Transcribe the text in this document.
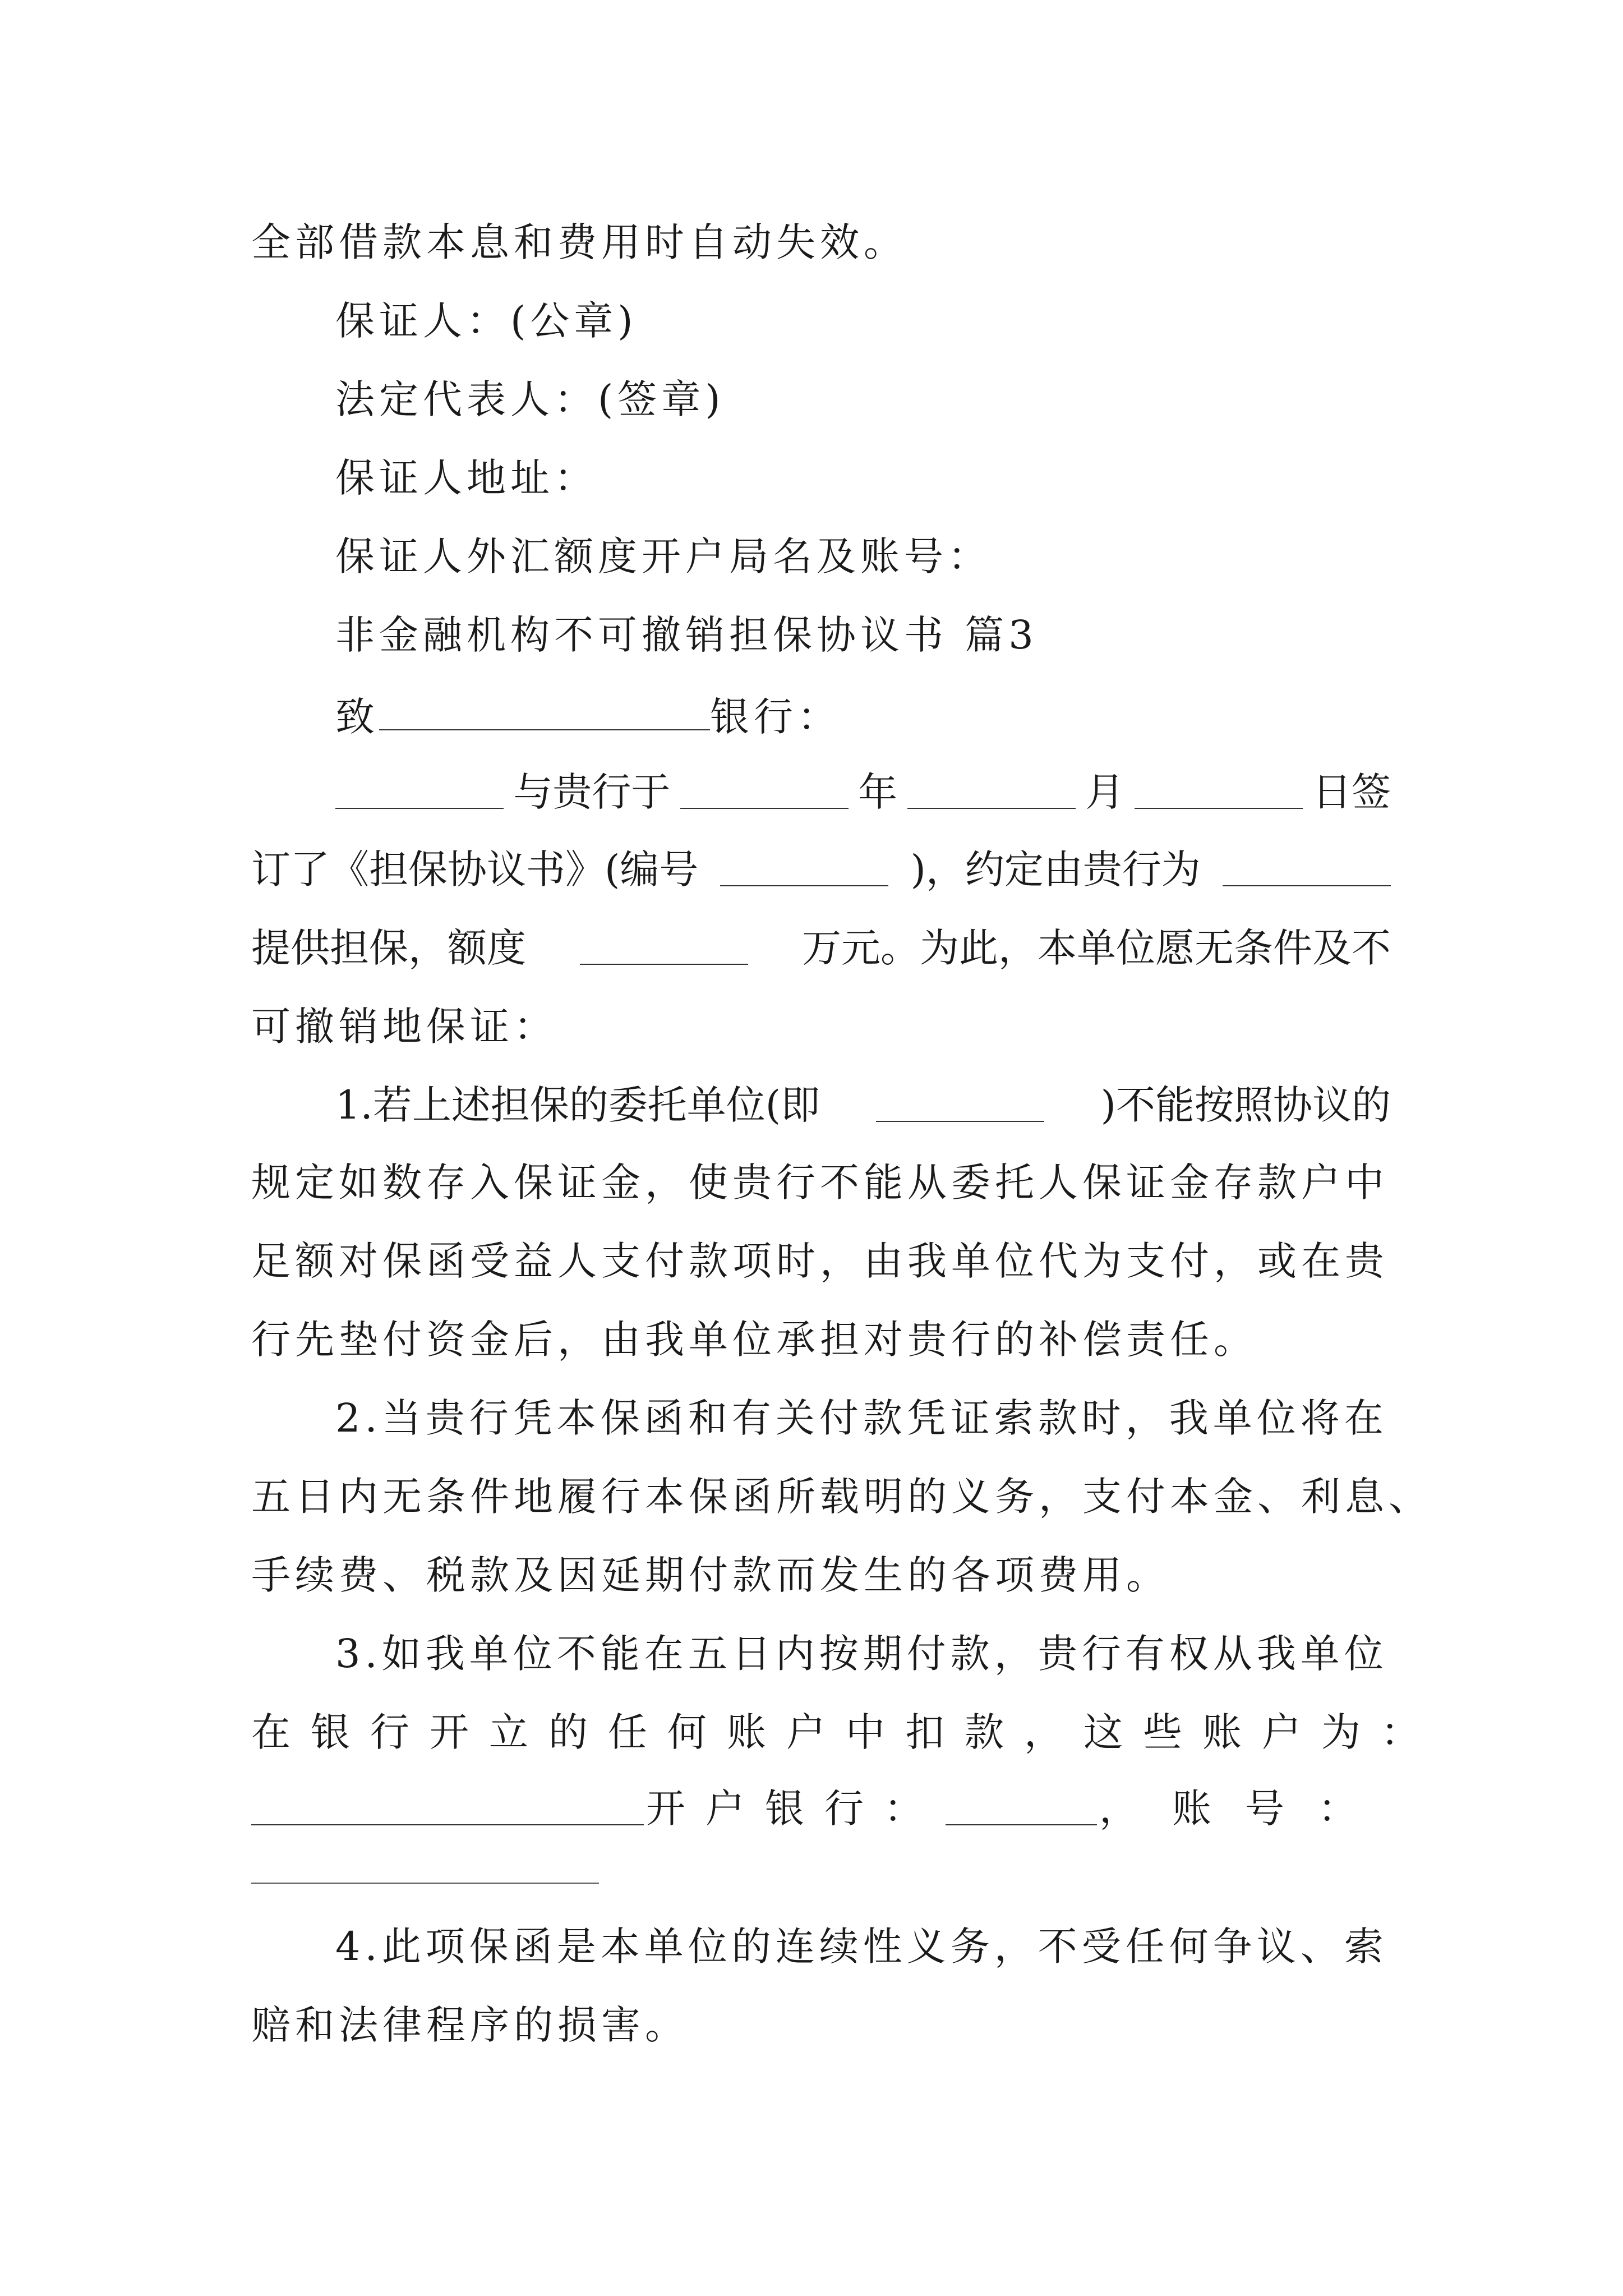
全部借款本息和费用时自动失效。
保证人：(公章)
法定代表人：(签章)
保证人地址：
保证人外汇额度开户局名及账号：
非金融机构不可撤销担保协议书 篇3
致	银行：
与贵行于	年	月	日签
订了《担保协议书》(编号	)，约定由贵行为
提供担保，额度	万元。为此，本单位愿无条件及不
可撤销地保证：
1.若上述担保的委托单位(即	)不能按照协议的
规定如数存入保证金，使贵行不能从委托人保证金存款户中
足额对保函受益人支付款项时，由我单位代为支付，或在贵
行先垫付资金后，由我单位承担对贵行的补偿责任。
2.当贵行凭本保函和有关付款凭证索款时，我单位将在
五日内无条件地履行本保函所载明的义务，支付本金、利息、
手续费、税款及因延期付款而发生的各项费用。
3.如我单位不能在五日内按期付款，贵行有权从我单位
在银行开立的任何账户中扣款，这些账户为：
开户银行：	，账号：
4.此项保函是本单位的连续性义务，不受任何争议、索
赔和法律程序的损害。
